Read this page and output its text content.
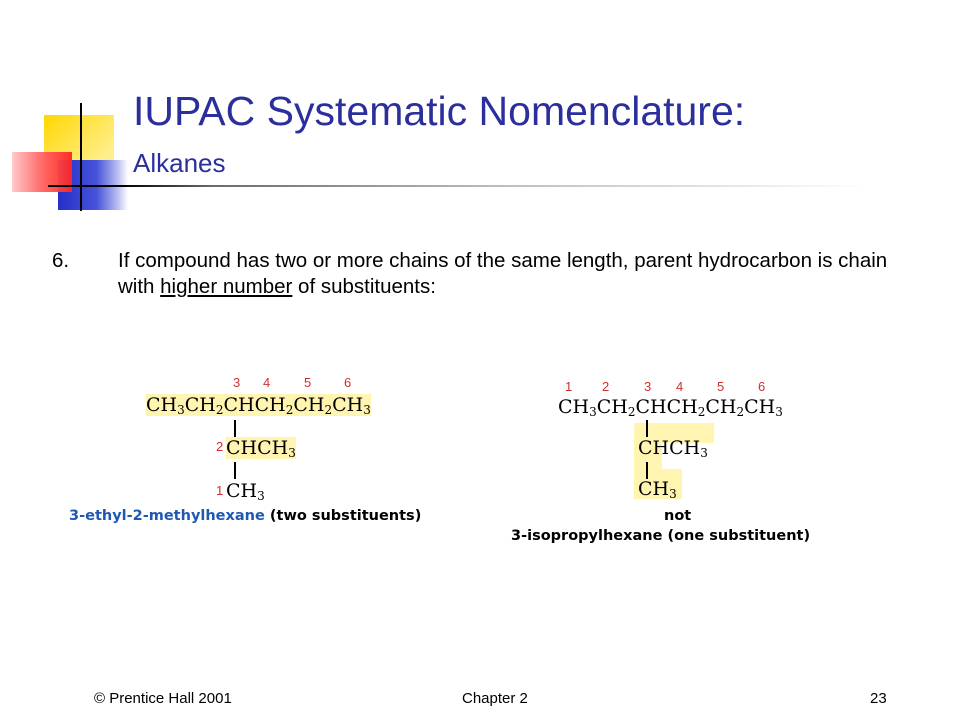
IUPAC Systematic Nomenclature:
Alkanes
6. If compound has two or more chains of the same length, parent hydrocarbon is chain with higher number of substituents:
3 4	5	6
$CH_3CH_2CHCH_2CH_2CH_3$
2 $CHCH_3$
1 $CH_3$
3-ethyl-2-methylhexane (two substituents)
1 2	3 4	5	6
$CH_3CH_2CHCH_2CH_2CH_3$
$CHCH_3$
$CH_3$
not
3-isopropylhexane (one substituent)
© Prentice Hall 2001	Chapter 2	23
